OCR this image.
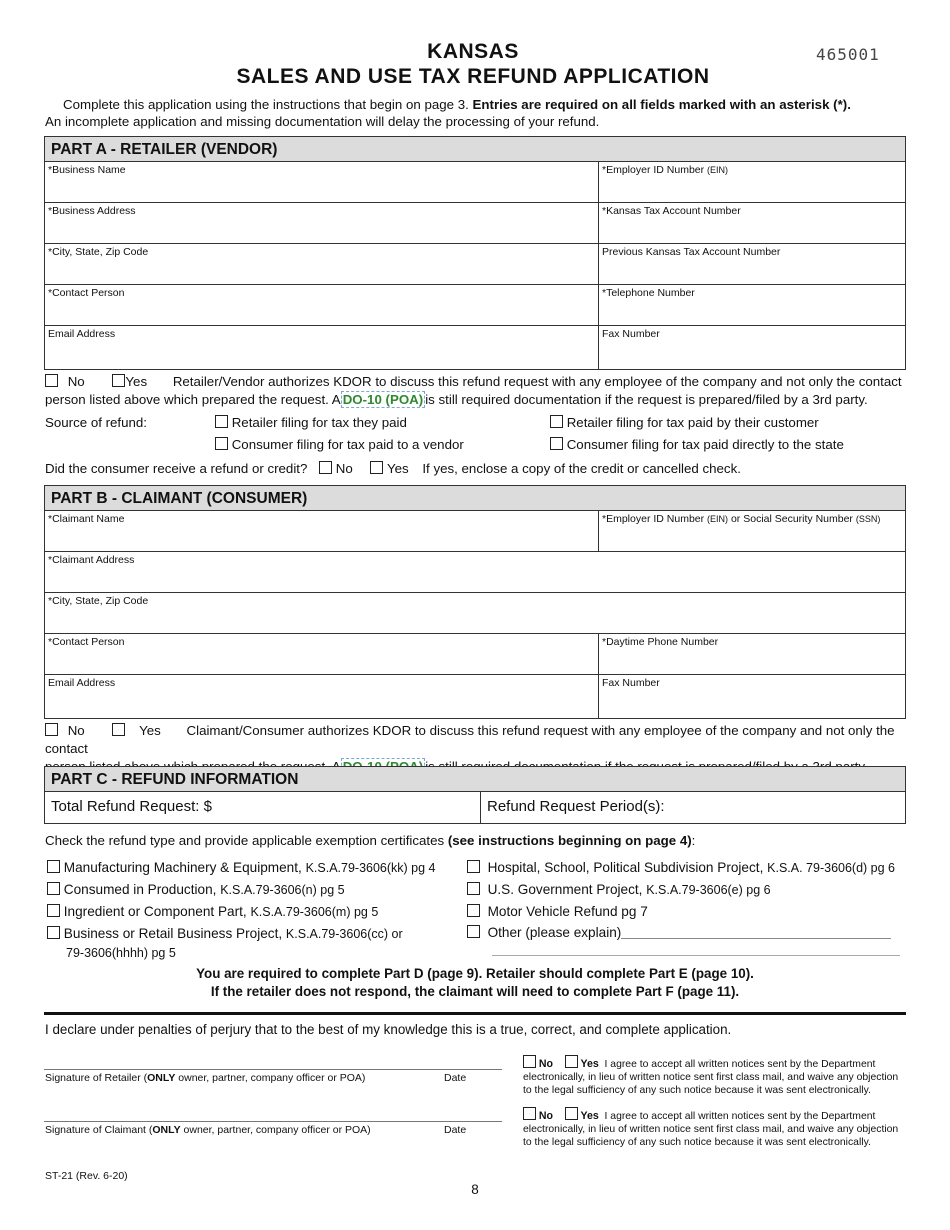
KANSAS
SALES AND USE TAX REFUND APPLICATION
465001
Complete this application using the instructions that begin on page 3. Entries are required on all fields marked with an asterisk (*).
An incomplete application and missing documentation will delay the processing of your refund.
PART A - RETAILER (VENDOR)
*Business Name	*Employer ID Number (EIN)
*Business Address	*Kansas Tax Account Number
*City, State, Zip Code	Previous Kansas Tax Account Number
*Contact Person	*Telephone Number
Email Address	Fax Number
No	Yes Retailer/Vendor authorizes KDOR to discuss this refund request with any employee of the company and not only the contact
person listed above which prepared the request. A DO-10 (POA) is still required documentation if the request is prepared/filed by a 3rd party.
Source of refund:	Retailer filing for tax they paid	Retailer filing for tax paid by their customer
Consumer filing for tax paid to a vendor	Consumer filing for tax paid directly to the state
Did the consumer receive a refund or credit? No	Yes If yes, enclose a copy of the credit or cancelled check.
PART B - CLAIMANT (CONSUMER)
*Claimant Name	*Employer ID Number (EIN) or Social Security Number (SSN)
*Claimant Address
*City, State, Zip Code
*Contact Person	*Daytime Phone Number
Email Address	Fax Number
No	Yes Claimant/Consumer authorizes KDOR to discuss this refund request with any employee of the company and not only the contact
PART C - REFUND INFORMATION
Total Refund Request: $	Refund Request Period(s):
Check the refund type and provide applicable exemption certificates (see instructions beginning on page 4):
Manufacturing Machinery & Equipment, K.S.A.79-3606(kk) pg 4
Consumed in Production, K.S.A.79-3606(n) pg 5
Ingredient or Component Part, K.S.A.79-3606(m) pg 5
Business or Retail Business Project, K.S.A.79-3606(cc) or
79-3606(hhhh) pg 5
Hospital, School, Political Subdivision Project, K.S.A. 79-3606(d) pg 6
U.S. Government Project, K.S.A.79-3606(e) pg 6
Motor Vehicle Refund pg 7
Other (please explain)
You are required to complete Part D (page 9). Retailer should complete Part E (page 10).
If the retailer does not respond, the claimant will need to complete Part F (page 11).
I declare under penalties of perjury that to the best of my knowledge this is a true, correct, and complete application.
Signature of Retailer (ONLY owner, partner, company officer or POA)	Date
No	Yes I agree to accept all written notices sent by the Department
electronically, in lieu of written notice sent first class mail, and waive any objection
to the legal sufficiency of any such notice because it was sent electronically.
Signature of Claimant (ONLY owner, partner, company officer or POA)	Date
No	Yes I agree to accept all written notices sent by the Department
electronically, in lieu of written notice sent first class mail, and waive any objection
to the legal sufficiency of any such notice because it was sent electronically.
ST-21 (Rev. 6-20)
8
